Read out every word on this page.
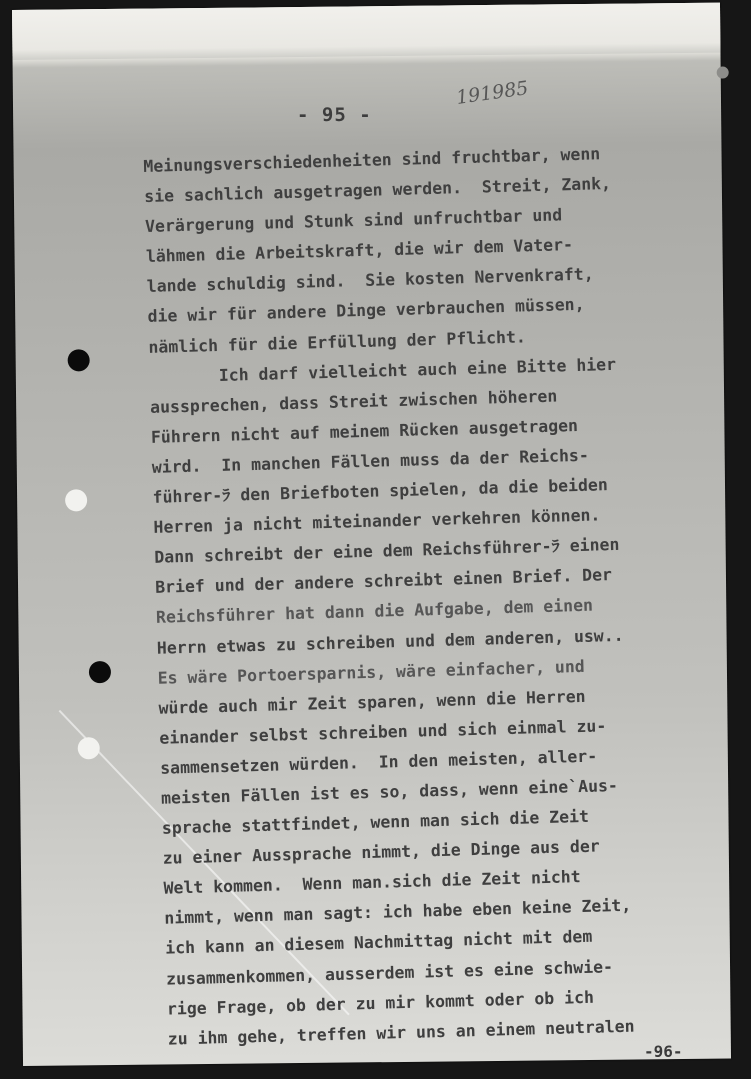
- 95 -
191985
Meinungsverschiedenheiten sind fruchtbar, wenn
sie sachlich ausgetragen werden.  Streit, Zank,
Verärgerung und Stunk sind unfruchtbar und
lähmen die Arbeitskraft, die wir dem Vater-
lande schuldig sind.  Sie kosten Nervenkraft,
die wir für andere Dinge verbrauchen müssen,
nämlich für die Erfüllung der Pflicht.
Ich darf vielleicht auch eine Bitte hier
aussprechen, dass Streit zwischen höheren
Führern nicht auf meinem Rücken ausgetragen
wird.  In manchen Fällen muss da der Reichs-
führer-ﾗ den Briefboten spielen, da die beiden
Herren ja nicht miteinander verkehren können.
Dann schreibt der eine dem Reichsführer-ﾗ einen
Brief und der andere schreibt einen Brief. Der
Reichsführer hat dann die Aufgabe, dem einen
Herrn etwas zu schreiben und dem anderen, usw..
Es wäre Portoersparnis, wäre einfacher, und
würde auch mir Zeit sparen, wenn die Herren
einander selbst schreiben und sich einmal zu-
sammensetzen würden.  In den meisten, aller-
meisten Fällen ist es so, dass, wenn eine`Aus-
sprache stattfindet, wenn man sich die Zeit
zu einer Aussprache nimmt, die Dinge aus der
Welt kommen.  Wenn man.sich die Zeit nicht
nimmt, wenn man sagt: ich habe eben keine Zeit,
ich kann an diesem Nachmittag nicht mit dem
zusammenkommen, ausserdem ist es eine schwie-
rige Frage, ob der zu mir kommt oder ob ich
zu ihm gehe, treffen wir uns an einem neutralen
-96-
